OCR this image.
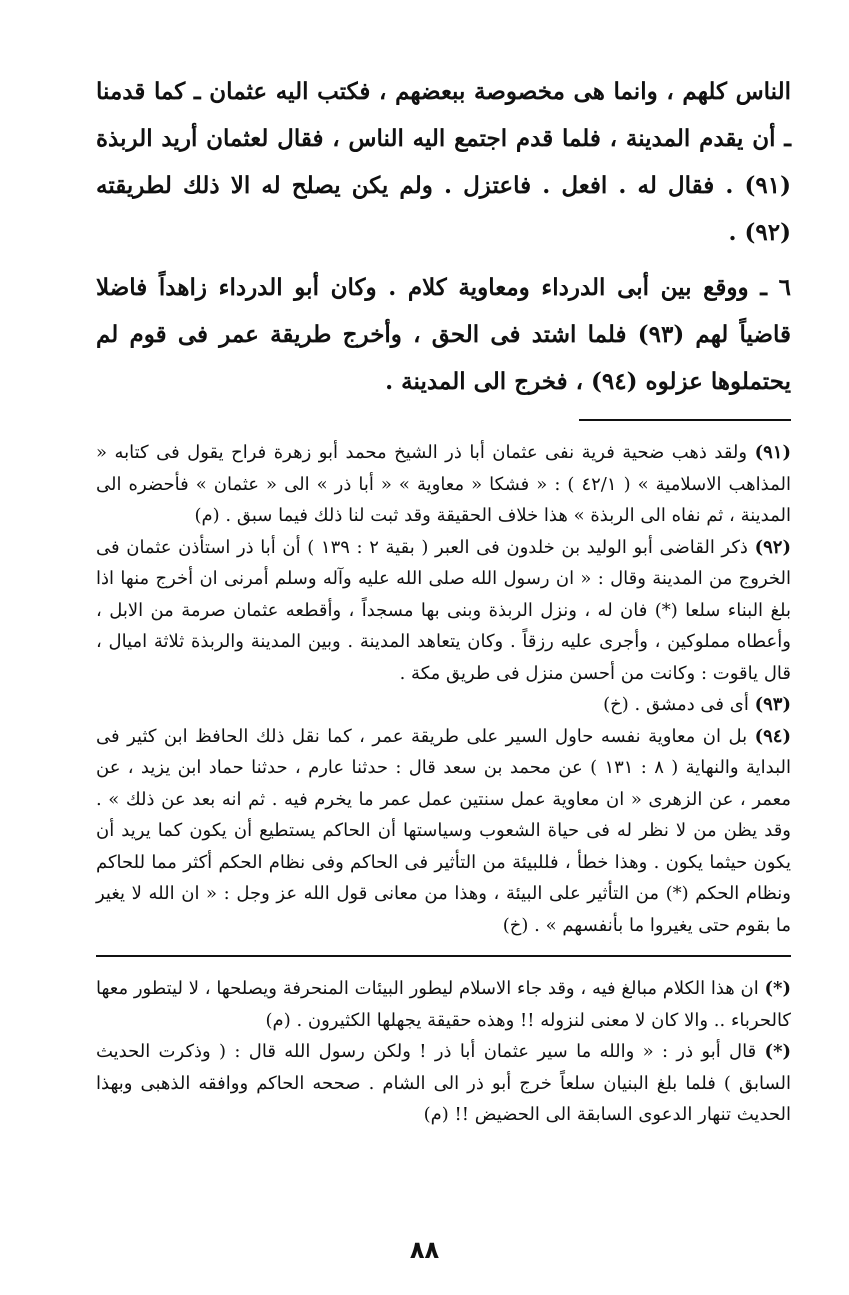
الناس كلهم ، وانما هى مخصوصة ببعضهم ، فكتب اليه عثمان ـ كما قدمنا ـ أن يقدم المدينة ، فلما قدم اجتمع اليه الناس ، فقال لعثمان أريد الربذة (٩١) . فقال له . افعل . فاعتزل . ولم يكن يصلح له الا ذلك لطريقته (٩٢) .

٦ ـ ووقع بين أبى الدرداء ومعاوية كلام . وكان أبو الدرداء زاهداً فاضلا قاضياً لهم (٩٣) فلما اشتد فى الحق ، وأخرج طريقة عمر فى قوم لم يحتملوها عزلوه (٩٤) ، فخرج الى المدينة .

(٩١) ولقد ذهب ضحية فرية نفى عثمان أبا ذر الشيخ محمد أبو زهرة فراح يقول فى كتابه « المذاهب الاسلامية » ( ٤٢/١ ) : « فشكا « معاوية » « أبا ذر » الى « عثمان » فأحضره الى المدينة ، ثم نفاه الى الربذة » هذا خلاف الحقيقة وقد ثبت لنا ذلك فيما سبق . (م)

(٩٢) ذكر القاضى أبو الوليد بن خلدون فى العبر ( بقية ٢ : ١٣٩ ) أن أبا ذر استأذن عثمان فى الخروج من المدينة وقال : « ان رسول الله صلى الله عليه وآله وسلم أمرنى ان أخرج منها اذا بلغ البناء سلعا (*) فان له ، ونزل الربذة وبنى بها مسجداً ، وأقطعه عثمان صرمة من الابل ، وأعطاه مملوكين ، وأجرى عليه رزقاً . وكان يتعاهد المدينة . وبين المدينة والربذة ثلاثة اميال ، قال ياقوت : وكانت من أحسن منزل فى طريق مكة .

(٩٣) أى فى دمشق . (خ)

(٩٤) بل ان معاوية نفسه حاول السير على طريقة عمر ، كما نقل ذلك الحافظ ابن كثير فى البداية والنهاية ( ٨ : ١٣١ ) عن محمد بن سعد قال : حدثنا عارم ، حدثنا حماد ابن يزيد ، عن معمر ، عن الزهرى « ان معاوية عمل سنتين عمل عمر ما يخرم فيه . ثم انه بعد عن ذلك » . وقد يظن من لا نظر له فى حياة الشعوب وسياستها أن الحاكم يستطيع أن يكون كما يريد أن يكون حيثما يكون . وهذا خطأ ، فللبيئة من التأثير فى الحاكم وفى نظام الحكم أكثر مما للحاكم ونظام الحكم (*) من التأثير على البيئة ، وهذا من معانى قول الله عز وجل : « ان الله لا يغير ما بقوم حتى يغيروا ما بأنفسهم » . (خ)

(*) ان هذا الكلام مبالغ فيه ، وقد جاء الاسلام ليطور البيئات المنحرفة ويصلحها ، لا ليتطور معها كالحرباء .. والا كان لا معنى لنزوله !! وهذه حقيقة يجهلها الكثيرون . (م)

(*) قال أبو ذر : « والله ما سير عثمان أبا ذر ! ولكن رسول الله قال : ( وذكرت الحديث السابق ) فلما بلغ البنيان سلعاً خرج أبو ذر الى الشام . صححه الحاكم ووافقه الذهبى وبهذا الحديث تنهار الدعوى السابقة الى الحضيض !! (م)

٨٨
